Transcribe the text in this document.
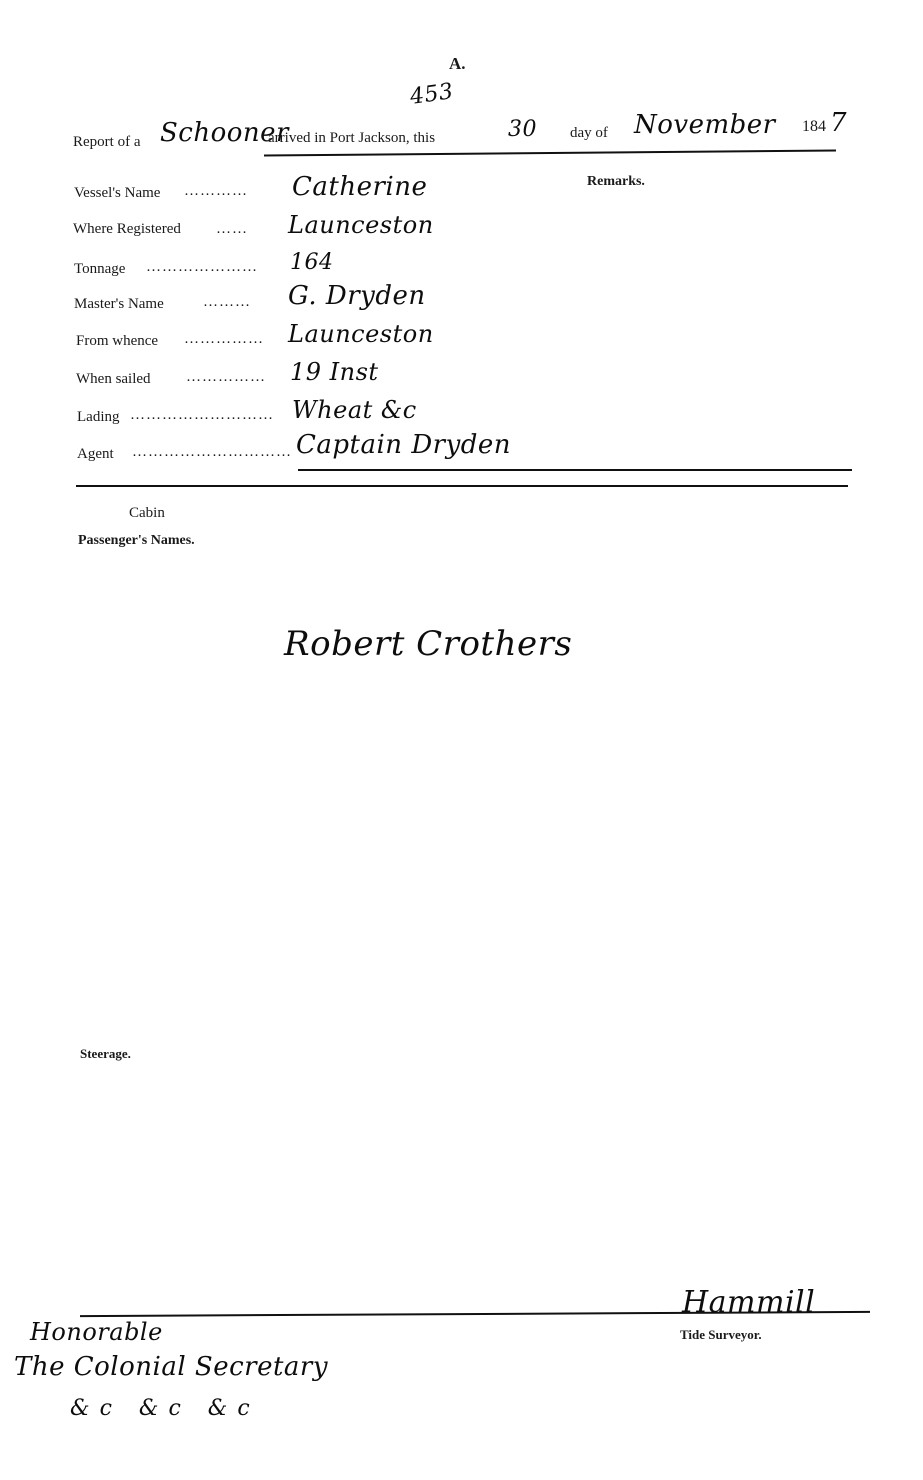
A.
453
Report of a Schooner
arrived in Port Jackson, this	30 day of November 184 7
Remarks.
Vessel's Name ………… Catherine
Where Registered …… Launceston
Tonnage ………………… 164
Master's Name	……… G. Dryden
From whence …………… Launceston
When sailed …………… 19 Inst
Lading ……………………… Wheat &c
Agent ………………………… Captain Dryden
Cabin
Passenger's Names.
Robert Crothers
Steerage.
Hammill
Tide Surveyor.
Honorable
The Colonial Secretary
&c &c &c
